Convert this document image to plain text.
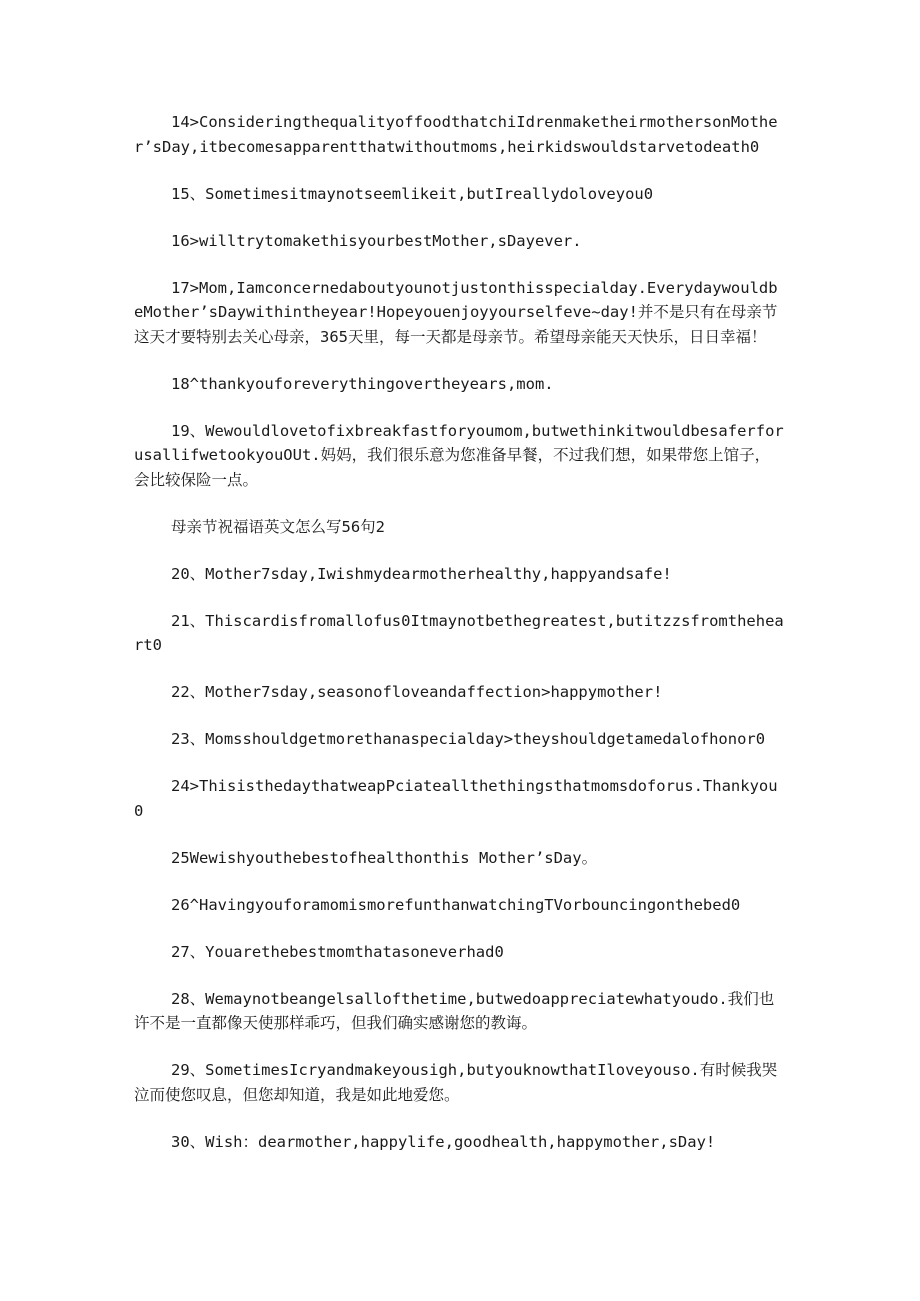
14>ConsideringthequalityoffoodthatchiIdrenmaketheirmothersonMother’sDay,itbecomesapparentthatwithoutmoms,heirkidswouldstarvetodeath0

15、Sometimesitmaynotseemlikeit,butIreallydoloveyou0

16>willtrytomakethisyourbestMother,sDayever.

17>Mom,Iamconcernedaboutyounotjustonthisspecialday.EverydaywouldbeMother’sDaywithintheyear!Hopeyouenjoyyourselfeve~day!并不是只有在母亲节这天才要特别去关心母亲，365天里，每一天都是母亲节。希望母亲能天天快乐，日日幸福！

18^thankyouforeverythingovertheyears,mom.

19、Wewouldlovetofixbreakfastforyoumom,butwethinkitwouldbesaferforusallifwetookyouOUt.妈妈，我们很乐意为您准备早餐，不过我们想，如果带您上馆子，会比较保险一点。

母亲节祝福语英文怎么写56句2

20、Mother7sday,Iwishmydearmotherhealthy,happyandsafe!

21、Thiscardisfromallofus0Itmaynotbethegreatest,butitzzsfromtheheart0

22、Mother7sday,seasonofloveandaffection>happymother!

23、Momsshouldgetmorethanaspecialday>theyshouldgetamedalofhonor0

24>ThisisthedaythatweapPciateallthethingsthatmomsdoforus.Thankyou0

25Wewishyouthebestofhealthonthis Mother’sDay。

26^HavingyouforamomismorefunthanwatchingTVorbouncingonthebed0

27、Youarethebestmomthatasoneverhad0

28、Wemaynotbeangelsallofthetime,butwedoappreciatewhatyoudo.我们也许不是一直都像天使那样乖巧，但我们确实感谢您的教诲。

29、SometimesIcryandmakeyousigh,butyouknowthatIloveyouso.有时候我哭泣而使您叹息，但您却知道，我是如此地爱您。

30、Wish：dearmother,happylife,goodhealth,happymother,sDay!
